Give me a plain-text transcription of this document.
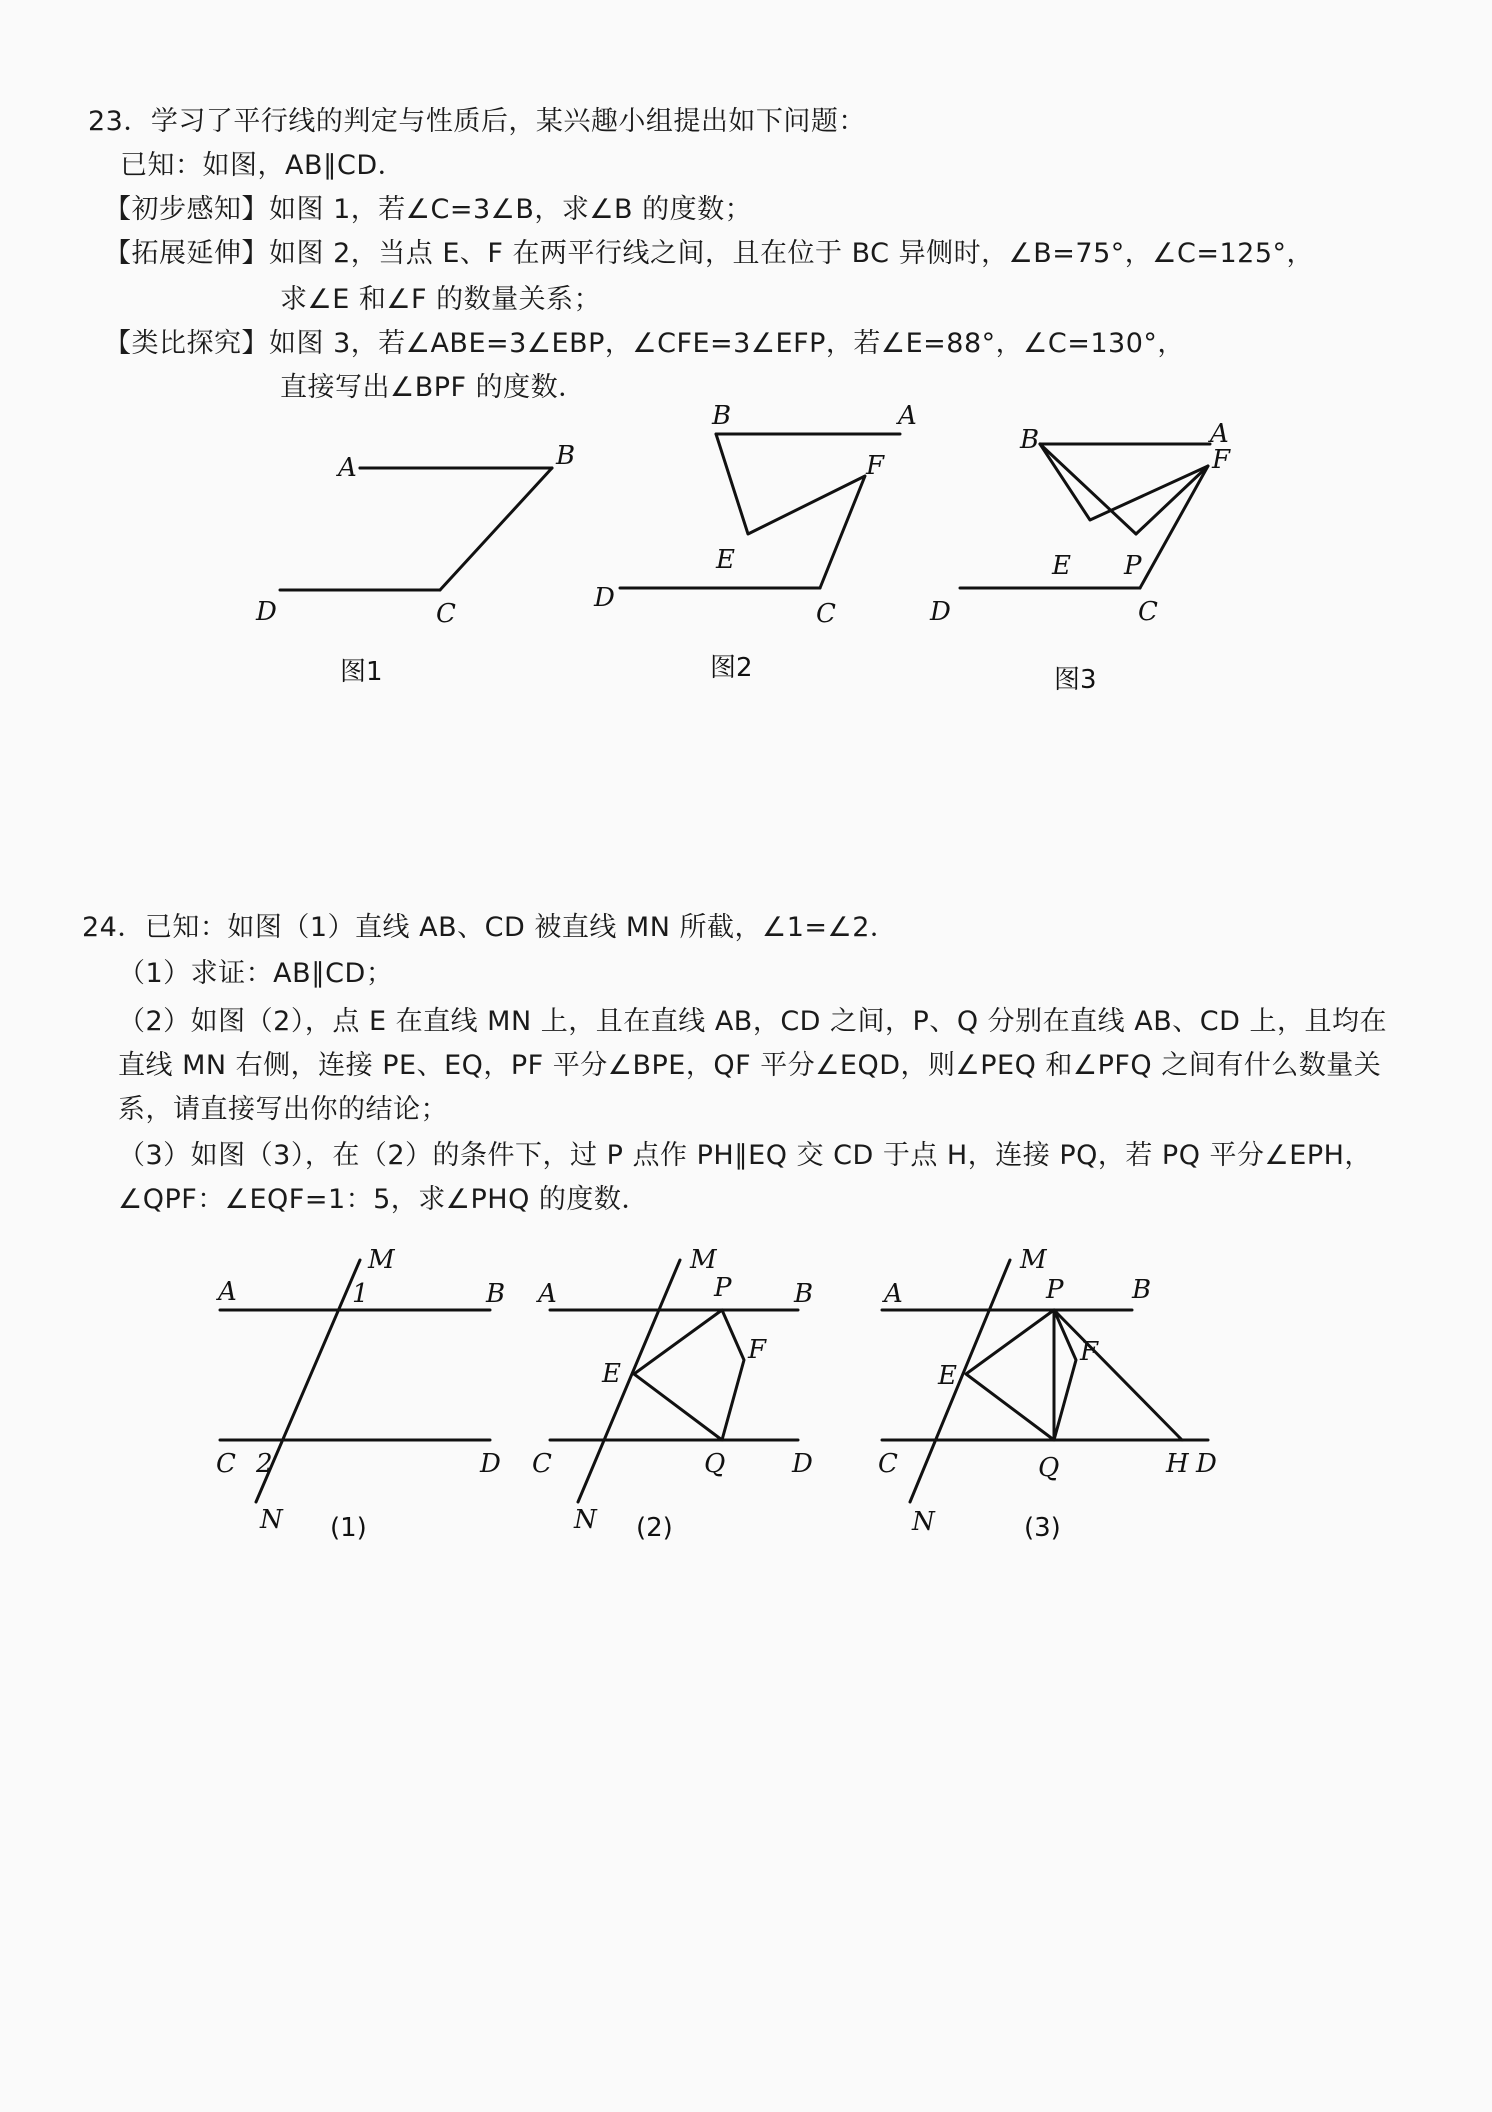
23．学习了平行线的判定与性质后，某兴趣小组提出如下问题：
已知：如图，AB∥CD．
【初步感知】如图 1，若∠C=3∠B，求∠B 的度数；
【拓展延伸】如图 2，当点 E、F 在两平行线之间，且在位于 BC 异侧时，∠B=75°，∠C=125°，
求∠E 和∠F 的数量关系；
【类比探究】如图 3，若∠ABE=3∠EBP，∠CFE=3∠EFP，若∠E=88°，∠C=130°，
直接写出∠BPF 的度数．
A	B
C
D
图1
B	A
F
E
C
D
图2
B	A
F
E P
C
D
图3
24．已知：如图（1）直线 AB、CD 被直线 MN 所截，∠1=∠2．
（1）求证：AB∥CD；
（2）如图（2），点 E 在直线 MN 上，且在直线 AB，CD 之间，P、Q 分别在直线 AB、CD 上，且均在直线 MN 右侧，连接 PE、EQ，PF 平分∠BPE，QF 平分∠EQD，则∠PEQ 和∠PFQ 之间有什么数量关系，请直接写出你的结论；
（3）如图（3），在（2）的条件下，过 P 点作 PH∥EQ 交 CD 于点 H，连接 PQ，若 PQ 平分∠EPH，∠QPF：∠EQF=1：5，求∠PHQ 的度数．
M
A	B
1
C 2	D
N (1)
M
A	P B
E
F
C	Q	D
N (2)
M
A	P	B
E
F
C	Q	H D
N	(3)
